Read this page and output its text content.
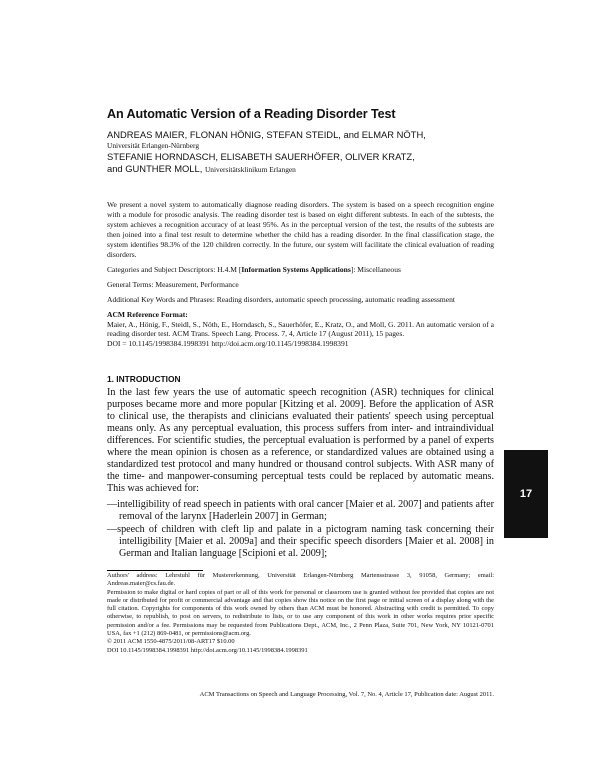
An Automatic Version of a Reading Disorder Test
ANDREAS MAIER, FLONAN HÖNIG, STEFAN STEIDL, and ELMAR NÖTH,
Universität Erlangen-Nürnberg
STEFANIE HORNDASCH, ELISABETH SAUERHÖFER, OLIVER KRATZ,
and GUNTHER MOLL, Universitätsklinikum Erlangen

We present a novel system to automatically diagnose reading disorders. The system is based on a speech recognition engine with a module for prosodic analysis. The reading disorder test is based on eight different subtests. In each of the subtests, the system achieves a recognition accuracy of at least 95%. As in the perceptual version of the test, the results of the subtests are then joined into a final test result to determine whether the child has a reading disorder. In the final classification stage, the system identifies 98.3% of the 120 children correctly. In the future, our system will facilitate the clinical evaluation of reading disorders.

Categories and Subject Descriptors: H.4.M [Information Systems Applications]: Miscellaneous

General Terms: Measurement, Performance

Additional Key Words and Phrases: Reading disorders, automatic speech processing, automatic reading assessment

ACM Reference Format:
Maier, A., Hönig, F., Steidl, S., Nöth, E., Horndasch, S., Sauerhöfer, E., Kratz, O., and Moll, G. 2011. An automatic version of a reading disorder test. ACM Trans. Speech Lang. Process. 7, 4, Article 17 (August 2011), 15 pages.
DOI = 10.1145/1998384.1998391 http://doi.acm.org/10.1145/1998384.1998391

1. INTRODUCTION

In the last few years the use of automatic speech recognition (ASR) techniques for clinical purposes became more and more popular [Kitzing et al. 2009]. Before the application of ASR to clinical use, the therapists and clinicians evaluated their patients' speech using perceptual means only. As any perceptual evaluation, this process suffers from inter- and intraindividual differences. For scientific studies, the perceptual evaluation is performed by a panel of experts where the mean opinion is chosen as a reference, or standardized values are obtained using a standardized test protocol and many hundred or thousand control subjects. With ASR many of the time- and manpower-consuming perceptual tests could be replaced by automatic means. This was achieved for:

—intelligibility of read speech in patients with oral cancer [Maier et al. 2007] and patients after removal of the larynx [Haderlein 2007] in German;
—speech of children with cleft lip and palate in a pictogram naming task concerning their intelligibility [Maier et al. 2009a] and their specific speech disorders [Maier et al. 2008] in German and Italian language [Scipioni et al. 2009];

Authors' address: Lehrstuhl für Mustererkennung, Universität Erlangen-Nürnberg Martensstrasse 3, 91058, Germany; email: Andreas.maier@cs.fau.de.

Permission to make digital or hard copies of part or all of this work for personal or classroom use is granted without fee provided that copies are not made or distributed for profit or commercial advantage and that copies show this notice on the first page or initial screen of a display along with the full citation. Copyrights for components of this work owned by others than ACM must be honored. Abstracting with credit is permitted. To copy otherwise, to republish, to post on servers, to redistribute to lists, or to use any component of this work in other works requires prior specific permission and/or a fee. Permissions may be requested from Publications Dept., ACM, Inc., 2 Penn Plaza, Suite 701, New York, NY 10121-0701 USA, fax +1 (212) 869-0481, or permissions@acm.org.

© 2011 ACM 1550-4875/2011/08-ART17 $10.00

DOI 10.1145/1998384.1998391 http://doi.acm.org/10.1145/1998384.1998391

ACM Transactions on Speech and Language Processing, Vol. 7, No. 4, Article 17, Publication date: August 2011.
17
